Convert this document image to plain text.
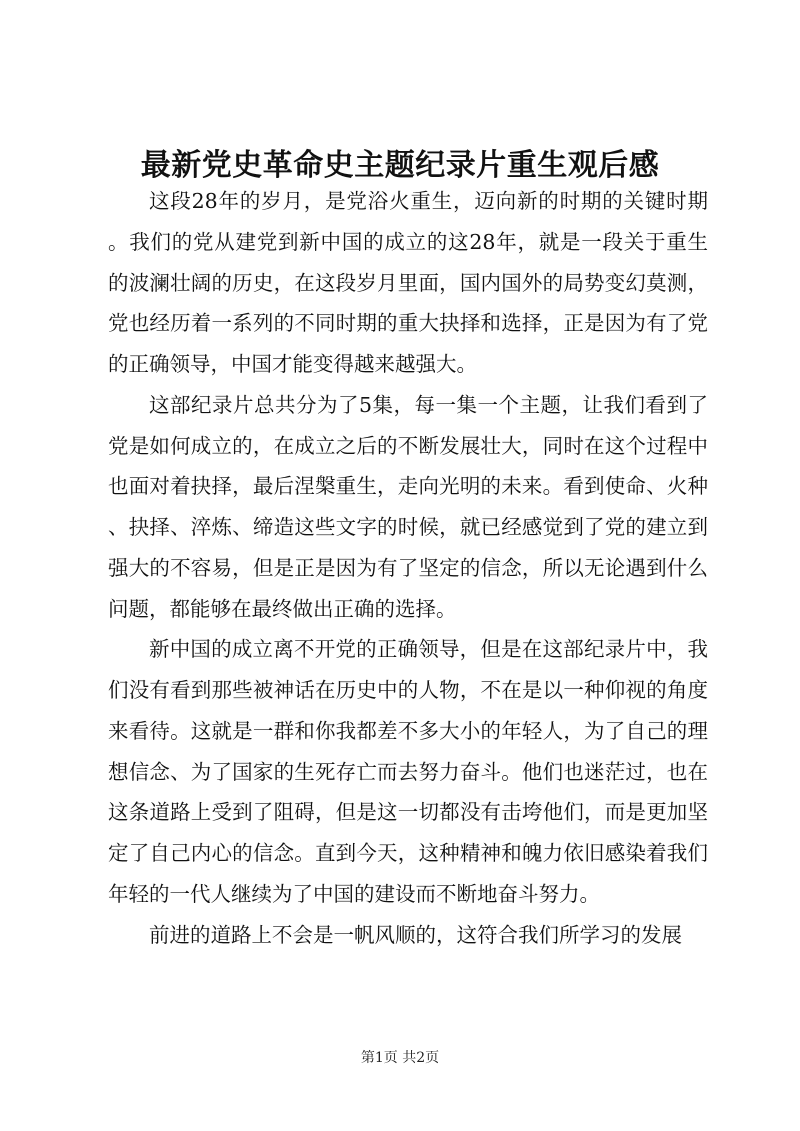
最新党史革命史主题纪录片重生观后感

这段28年的岁月，是党浴火重生，迈向新的时期的关键时期。我们的党从建党到新中国的成立的这28年，就是一段关于重生的波澜壮阔的历史，在这段岁月里面，国内国外的局势变幻莫测，党也经历着一系列的不同时期的重大抉择和选择，正是因为有了党的正确领导，中国才能变得越来越强大。

这部纪录片总共分为了5集，每一集一个主题，让我们看到了党是如何成立的，在成立之后的不断发展壮大，同时在这个过程中也面对着抉择，最后涅槃重生，走向光明的未来。看到使命、火种、抉择、淬炼、缔造这些文字的时候，就已经感觉到了党的建立到强大的不容易，但是正是因为有了坚定的信念，所以无论遇到什么问题，都能够在最终做出正确的选择。

新中国的成立离不开党的正确领导，但是在这部纪录片中，我们没有看到那些被神话在历史中的人物，不在是以一种仰视的角度来看待。这就是一群和你我都差不多大小的年轻人，为了自己的理想信念、为了国家的生死存亡而去努力奋斗。他们也迷茫过，也在这条道路上受到了阻碍，但是这一切都没有击垮他们，而是更加坚定了自己内心的信念。直到今天，这种精神和魄力依旧感染着我们年轻的一代人继续为了中国的建设而不断地奋斗努力。

前进的道路上不会是一帆风顺的，这符合我们所学习的发展

第1页 共2页
